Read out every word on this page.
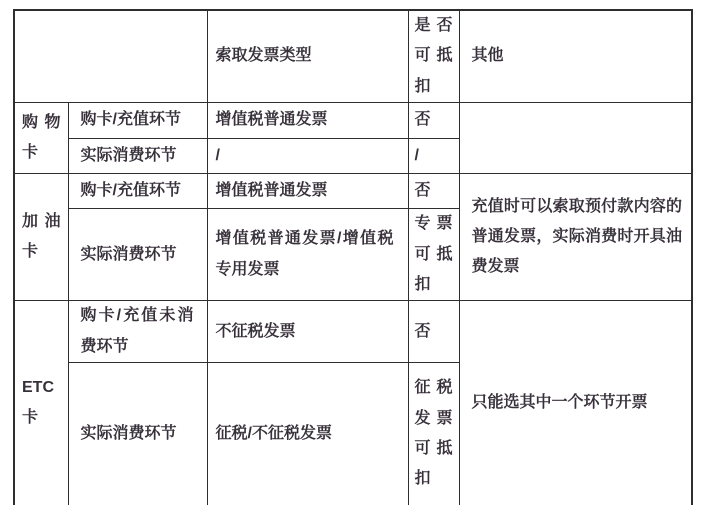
		索取发票类型	是否可抵扣	其他
购物卡	购卡/充值环节	增值税普通发票	否	
	实际消费环节	/	/	
加油卡	购卡/充值环节	增值税普通发票	否	充值时可以索取预付款内容的普通发票，实际消费时开具油费发票
	实际消费环节	增值税普通发票/增值税专用发票	专票可抵扣	
ETC卡	购卡/充值未消费环节	不征税发票	否	只能选其中一个环节开票
	实际消费环节	征税/不征税发票	征税发票可抵扣	
